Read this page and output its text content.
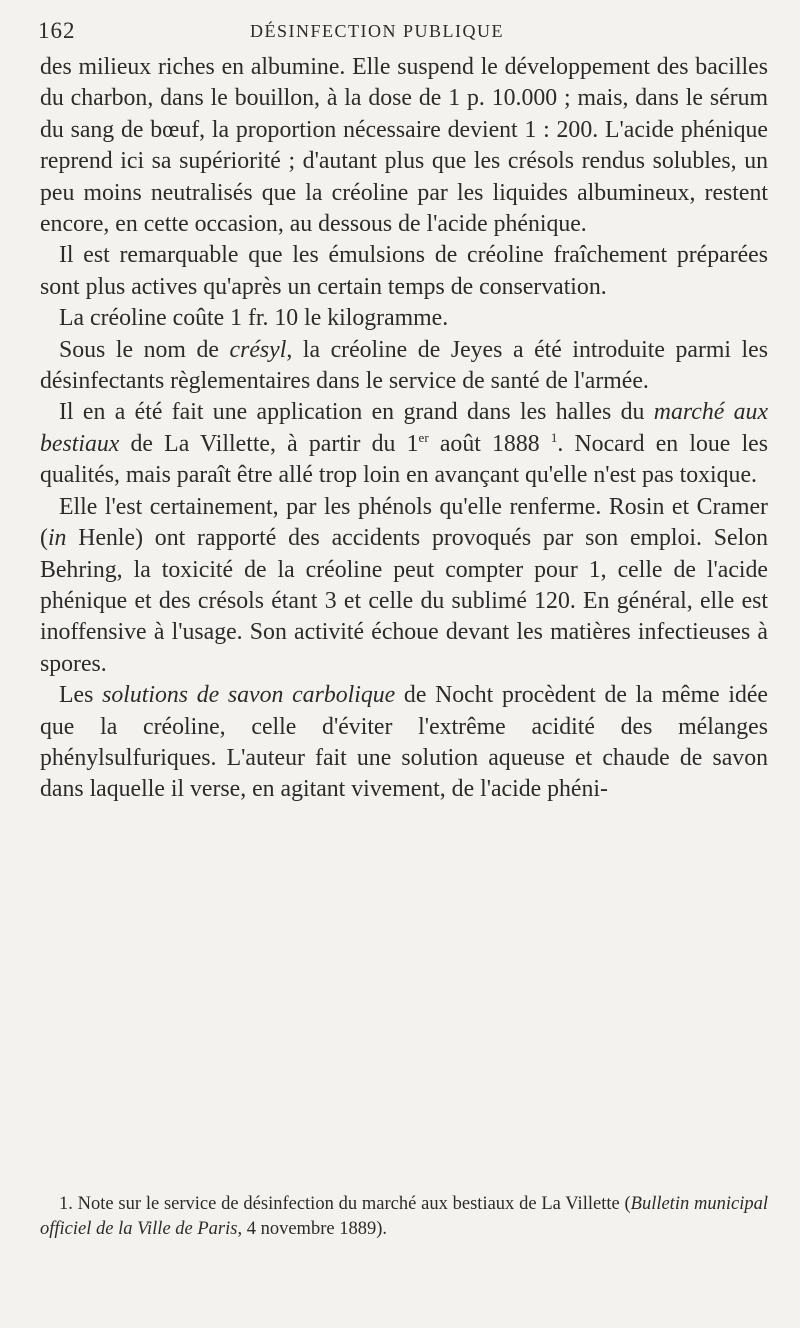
162	DÉSINFECTION PUBLIQUE

des milieux riches en albumine. Elle suspend le développement des bacilles du charbon, dans le bouillon, à la dose de 1 p. 10.000 ; mais, dans le sérum du sang de bœuf, la proportion nécessaire devient 1 : 200. L'acide phénique reprend ici sa supériorité ; d'autant plus que les crésols rendus solubles, un peu moins neutralisés que la créoline par les liquides albumineux, restent encore, en cette occasion, au dessous de l'acide phénique.

Il est remarquable que les émulsions de créoline fraîchement préparées sont plus actives qu'après un certain temps de conservation.

La créoline coûte 1 fr. 10 le kilogramme.

Sous le nom de crésyl, la créoline de Jeyes a été introduite parmi les désinfectants règlementaires dans le service de santé de l'armée.

Il en a été fait une application en grand dans les halles du marché aux bestiaux de La Villette, à partir du 1er août 1888 $^1$. Nocard en loue les qualités, mais paraît être allé trop loin en avançant qu'elle n'est pas toxique.

Elle l'est certainement, par les phénols qu'elle renferme. Rosin et Cramer (in Henle) ont rapporté des accidents provoqués par son emploi. Selon Behring, la toxicité de la créoline peut compter pour 1, celle de l'acide phénique et des crésols étant 3 et celle du sublimé 120. En général, elle est inoffensive à l'usage. Son activité échoue devant les matières infectieuses à spores.

Les solutions de savon carbolique de Nocht procèdent de la même idée que la créoline, celle d'éviter l'extrême acidité des mélanges phénylsulfuriques. L'auteur fait une solution aqueuse et chaude de savon dans laquelle il verse, en agitant vivement, de l'acide phéni-

1. Note sur le service de désinfection du marché aux bestiaux de La Villette (Bulletin municipal officiel de la Ville de Paris, 4 novembre 1889).
